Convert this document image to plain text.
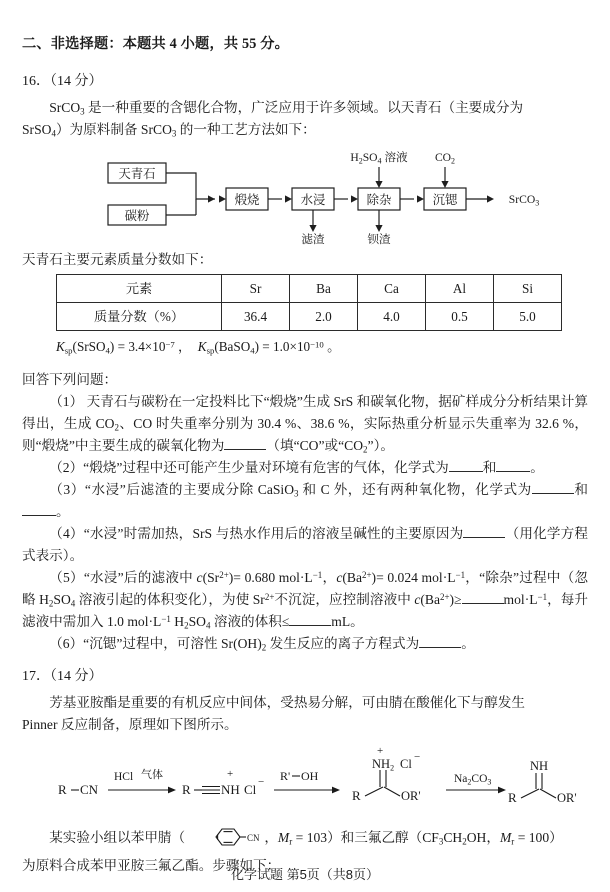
二、非选择题：本题共 4 小题，共 55 分。

16．（14 分）

SrCO$_3$ 是一种重要的含锶化合物，广泛应用于许多领域。以天青石（主要成分为

SrSO$_4$）为原料制备 SrCO$_3$ 的一种工艺方法如下：

天青石
碳粉
煅烧	水浸	除杂	沉锶
$H_2SO_4$ 溶液 $CO_2$
滤渣	钡渣
SrCO$_3$

天青石主要元素质量分数如下：

元素	Sr	Ba	Ca	Al	Si
质量分数（%）	36.4	2.0	4.0	0.5	5.0

$K_{sp}(SrSO_4) = 3.4\times 10^{-7}$ ，  $K_{sp}(BaSO_4) = 1.0\times 10^{-10}$ 。

回答下列问题：

（1） 天青石与碳粉在一定投料比下“煅烧”生成 SrS 和碳氧化物，据矿样成分分析结果计算得出，生成 $CO_2$、CO 时失重率分别为 30.4 %、38.6 %，实际热重分析显示失重率为 32.6 %，则“煅烧”中主要生成的碳氧化物为	（填“CO”或“$CO_2$”）。

（2）“煅烧”过程中还可能产生少量对环境有危害的气体，化学式为	和	。

（3）“水浸”后滤渣的主要成分除 CaSiO$_3$ 和 C 外，还有两种氧化物，化学式为	和。

（4）“水浸”时需加热，SrS 与热水作用后的溶液呈碱性的主要原因为	（用化学方程式表示）。

（5）“水浸”后的滤液中 $c(Sr^{2+})= 0.680$ $mol\cdot L^{-1}$，$c(Ba^{2+})= 0.024$ $mol\cdot L^{-1}$，“除杂”过程中（忽略 $H_2SO_4$ 溶液引起的体积变化），为使 $Sr^{2+}$不沉淀，应控制溶液中 $c(Ba^{2+})\ge$	$mol\cdot L^{-1}$，每升滤液中需加入 1.0 $mol\cdot L^{-1}$ $H_2SO_4$ 溶液的体积≤	mL。

（6）“沉锶”过程中，可溶性 $Sr(OH)_2$ 发生反应的离子方程式为	。

17．（14 分）

芳基亚胺酯是重要的有机反应中间体，受热易分解，可由腈在酸催化下与醇发生

Pinner 反应制备，原理如下图所示。

R CN
HCl 气体
R
+
NH Cl − R' OH
R
+
$NH_2$ Cl −
OR'
$Na_2CO_3$
R
NH
OR'

某实验小组以苯甲腈（	CN ，$M_r = 103$）和三氟乙醇（$CF_3CH_2OH$，$M_r = 100$）

为原料合成苯甲亚胺三氟乙酯。步骤如下：

化学试题 第5页（共8页）
